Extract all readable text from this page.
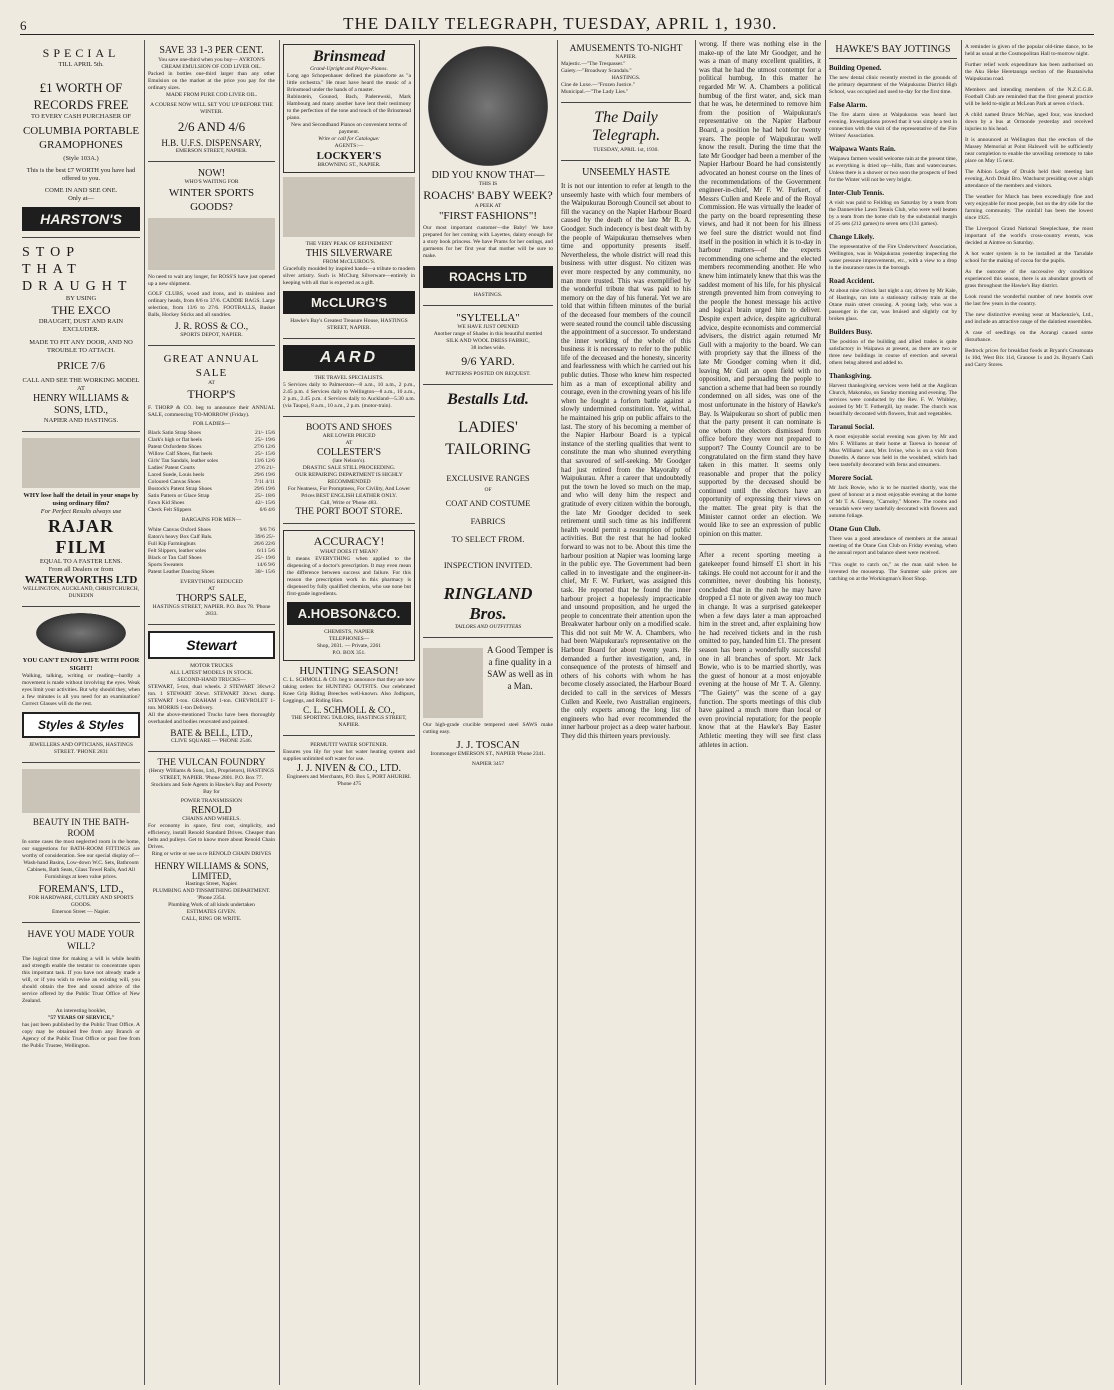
6	THE DAILY TELEGRAPH, TUESDAY, APRIL 1, 1930.
SPECIAL
TILL APRIL 5th.
£1 WORTH OF RECORDS FREE
TO EVERY CASH PURCHASER OF
COLUMBIA PORTABLE GRAMOPHONES
(Style 103A.)
This is the best £7 WORTH you have had offered to you.
COME IN AND SEE ONE.
Only at—
HARSTON'S
STOP THAT DRAUGHT
BY USING
THE EXCO
DRAUGHT, DUST AND RAIN EXCLUDER.
MADE TO FIT ANY DOOR, AND NO TROUBLE TO ATTACH.
PRICE 7/6
CALL AND SEE THE WORKING MODEL
AT
HENRY WILLIAMS & SONS, LTD.,
NAPIER AND HASTINGS.
WHY lose half the detail in your snaps by using ordinary film?
For Perfect Results always use
RAJAR FILM
EQUAL TO A FASTER LENS.
From all Dealers or from
WATERWORTHS LTD
WELLINGTON, AUCKLAND, CHRISTCHURCH, DUNEDIN
YOU CAN'T ENJOY LIFE WITH POOR SIGHT!
Walking, talking, writing or reading—hardly a movement is made without involving the eyes. Weak eyes limit your activities. But why should they, when a few minutes is all you need for an examination? Correct Glasses will do the rest.
Styles & Styles
JEWELLERS AND OPTICIANS, HASTINGS STREET. 'PHONE 2831
BEAUTY IN THE BATH-ROOM
In some cases the most neglected room in the home, our suggestions for BATH-ROOM FITTINGS are worthy of consideration. See our special display of—
Wash-hand Basins, Low-down W.C. Sets, Bathroom Cabinets, Bath Seats, Glass Towel Rails, And All Furnishings at keen value prices.
FOREMAN'S, LTD.,
FOR HARDWARE, CUTLERY AND SPORTS GOODS.
Emerson Street — Napier.
HAVE YOU MADE YOUR WILL?
The logical time for making a will is while health and strength enable the testator to concentrate upon this important task. If you have not already made a will, or if you wish to revise an existing will, you should obtain the free and sound advice of the service offered by the Public Trust Office of New Zealand.
An interesting booklet,
"57 YEARS OF SERVICE,"
has just been published by the Public Trust Office. A copy may be obtained free from any Branch or Agency of the Public Trust Office or post free from the Public Trustee, Wellington.
SAVE 33 1-3 PER CENT.
You save one-third when you buy— AYRTON'S CREAM EMULSION OF COD LIVER OIL.
Packed in bottles one-third larger than any other Emulsion on the market at the price you pay for the ordinary sizes.
MADE FROM PURE COD LIVER OIL.
A COURSE NOW WILL SET YOU UP BEFORE THE WINTER.
2/6 AND 4/6
H.B. U.F.S. DISPENSARY,
EMERSON STREET, NAPIER.
NOW!
WHO'S WAITING FOR
WINTER SPORTS GOODS?
No need to wait any longer, for ROSS'S have just opened up a new shipment.
GOLF CLUBS, wood and irons, and in stainless and ordinary heads, from 8/6 to 37/6. CADDIE BAGS. Large selection, from 13/6 to 27/6. FOOTBALLS, Basket Balls, Hockey Sticks and all sundries.
J. R. ROSS & CO.,
SPORTS DEPOT, NAPIER.
GREAT ANNUAL SALE
AT
THORP'S
F. THORP & CO. beg to announce their ANNUAL SALE, commencing TO-MORROW (Friday).
FOR LADIES—
Black Satin Strap Shoes	21/- 15/6
Clark's high or flat heels	25/- 19/6
Patent Oxfordette Shoes	27/6 12/6
Willow Calf Shoes, flat heels	25/- 15/6
Girls' Tan Sandals, leather soles	13/6 12/6
Ladies' Patent Courts	27/6 21/-
Laced Suede, Louis heels	29/6 19/6
Coloured Canvas Shoes	7/11 4/11
Bostock's Patent Strap Shoes	29/6 19/6
Satin Pattern or Glace Strap	25/- 18/6
Fawn Kid Shoes	42/- 15/6
Check Felt Slippers	6/6 4/6
BARGAINS FOR MEN—
White Canvas Oxford Shoes	9/6 7/6
Eaton's heavy Box Calf Bals.	39/6 25/-
Full Kip Farmingbuts	26/6 22/6
Felt Slippers, leather soles	6/11 5/6
Black or Tan Calf Shoes	25/- 19/6
Sports Sweaters	14/6 9/6
Patent Leather Dancing Shoes	30/- 15/6
EVERYTHING REDUCED
AT
THORP'S SALE,
HASTINGS STREET, NAPIER. P.O. Box 78. 'Phone 2833.
Stewart
MOTOR TRUCKS
ALL LATEST MODELS IN STOCK.
SECOND-HAND TRUCKS—
STEWART, 5-ton, dual wheels. 2 STEWART 30cwt-2 ton. 1 STEWART 30cwt. STEWART 30cwt. dump. STEWART 1-ton. GRAHAM 1-ton. CHEVROLET 1-ton. MORRIS 1-ton Delivery.
All the above-mentioned Trucks have been thoroughly overhauled and bodies renovated and painted.
BATE & BELL, LTD.,
CLIVE SQUARE — 'PHONE 2546.
THE VULCAN FOUNDRY
(Henry Williams & Sons, Ltd., Proprietors), HASTINGS STREET, NAPIER. 'Phone 2801. P.O. Box 77.
Stockists and Sole Agents in Hawke's Bay and Poverty Bay for
POWER TRANSMISSION
RENOLD
CHAINS AND WHEELS.
For economy in space, first cost, simplicity, and efficiency, install Renold Standard Drives. Cheaper than belts and pulleys. Get to know more about Renold Chain Drives.
Ring or write or see us re RENOLD CHAIN DRIVES
HENRY WILLIAMS & SONS, LIMITED,
Hastings Street, Napier.
PLUMBING AND TINSMITHING DEPARTMENT.
'Phone 2354.
Plumbing Work of all kinds undertaken
ESTIMATES GIVEN.
CALL, RING OR WRITE.
Brinsmead
Grand-Upright and Player-Pianos.
Long ago Schopenhauer defined the pianoforte as "a little orchestra." He must have heard the music of a Brinsmead under the hands of a master.
Rubinstein, Gounod, Bach, Paderewski, Mark Hambourg and many another have lent their testimony to the perfection of the tone and touch of the Brinsmead piano.
New and Secondhand Pianos on convenient terms of payment.
Write or call for Catalogue:
AGENTS:—
LOCKYER'S
BROWNING ST., NAPIER.
THE VERY PEAK OF REFINEMENT
THIS SILVERWARE
FROM McCLUROG'S.
Gracefully moulded by inspired hands—a tribute to modern silver artistry. Such is McClurg Silverware—entirely in keeping with all that is expected as a gift.
McCLURG'S
Hawke's Bay's Greatest Treasure House, HASTINGS STREET, NAPIER.
AARD
THE TRAVEL SPECIALISTS.
5 Services daily to Palmerston—8 a.m., 10 a.m., 2 p.m., 2.45 p.m. 4 Services daily to Wellington—8 a.m., 10 a.m., 2 p.m., 2.45 p.m. 4 Services daily to Auckland—5.30 a.m. (via Taupo), 8 a.m., 10 a.m., 2 p.m. (motor-train).
BOOTS AND SHOES
ARE LOWER PRICED
AT
COLLESTER'S
(late Nelson's).
DRASTIC SALE STILL PROCEEDING.
OUR REPAIRING DEPARTMENT IS HIGHLY RECOMMENDED
For Neatness, For Promptness, For Civility, And Lower Prices BEST ENGLISH LEATHER ONLY.
Call, Write or 'Phone 483.
THE PORT BOOT STORE.
ACCURACY!
WHAT DOES IT MEAN?
It means EVERYTHING when applied to the dispensing of a doctor's prescription. It may even mean the difference between success and failure. For this reason the prescription work in this pharmacy is dispensed by fully qualified chemists, who use none but first-grade ingredients.
A.HOBSON&CO.
CHEMISTS, NAPIER
TELEPHONES—
Shop, 2031. — Private, 2261
P.O. BOX 351.
HUNTING SEASON!
C. L. SCHMOLL & CO. beg to announce that they are now taking orders for HUNTING OUTFITS. Our celebrated Knee Grip Riding Breeches well-known. Also Jodhpurs, Leggings, and Riding Hats.
C. L. SCHMOLL & CO.,
THE SPORTING TAILORS, HASTINGS STREET, NAPIER.
PERMUTIT WATER SOFTENER.
Ensures you lily for your hot water heating system and supplies unlimited soft water for use.
J. J. NIVEN & CO., LTD.
Engineers and Merchants, P.O. Box 5, PORT AHURIRI. 'Phone 475
DID YOU KNOW THAT—
THIS IS
ROACHS' BABY WEEK?
A PEEK AT
"FIRST FASHIONS"!
Our most important customer—the Baby! We have prepared for her coming with Layettes, dainty enough for a story book princess. We have Prams for her outings, and garments for her first year that mother will be sure to make.
ROACHS LTD
HASTINGS.
"SYLTELLA"
WE HAVE JUST OPENED
Another range of Shades in this beautiful mottled
SILK AND WOOL DRESS FABRIC,
38 inches wide.
9/6 YARD.
PATTERNS POSTED ON REQUEST.
Bestalls Ltd.
LADIES'
TAILORING
EXCLUSIVE RANGES
OF
COAT AND COSTUME
FABRICS
TO SELECT FROM.
INSPECTION INVITED.
RINGLAND Bros.
TAILORS AND OUTFITTERS
A Good Temper is a fine quality in a SAW as well as in a Man.
Our high-grade crucible tempered steel SAWS make cutting easy.
J. J. TOSCAN
Ironmonger EMERSON ST., NAPIER 'Phone 2341.
NAPIER 3457
AMUSEMENTS TO-NIGHT
NAPIER.
Majestic.—"The Trespasser."
Gaiety.—"Broadway Scandals."
HASTINGS.
Cine de Luxe.—"Frozen Justice."
Municipal.—"The Lady Lies."
The Daily Telegraph.
TUESDAY, APRIL 1st, 1930.
UNSEEMLY HASTE
It is not our intention to refer at length to the unseemly haste with which four members of the Waipukurau Borough Council set about to fill the vacancy on the Napier Harbour Board caused by the death of the late Mr R. A. Goodger. Such indecency is best dealt with by the people of Waipukurau themselves when time and opportunity presents itself. Nevertheless, the whole district will read this business with utter disgust. No citizen was ever more respected by any community, no man more trusted. This was exemplified by the wonderful tribute that was paid to his memory on the day of his funeral. Yet we are told that within fifteen minutes of the burial of the deceased four members of the council were seated round the council table discussing the appointment of a successor. To understand the inner working of the whole of this business it is necessary to refer to the public life of the deceased and the honesty, sincerity and fearlessness with which he carried out his public duties. Those who knew him respected him as a man of exceptional ability and courage, even in the crowning years of his life when he fought a forlorn battle against a slowly undermined constitution. Yet, withal, he maintained his grip on public affairs to the last. The story of his becoming a member of the Napier Harbour Board is a typical instance of the sterling qualities that went to constitute the man who shunned everything that savoured of self-seeking. Mr Goodger had just retired from the Mayoralty of Waipukurau. After a career that undoubtedly put the town he loved so much on the map, and who will deny him the respect and gratitude of every citizen within the borough, the late Mr Goodger decided to seek retirement until such time as his indifferent health would permit a resumption of public activities. But the rest that he had looked forward to was not to be. About this time the harbour position at Napier was looming large in the public eye. The Government had been called in to investigate and the engineer-in-chief, Mr F. W. Furkert, was assigned this task. He reported that he found the inner harbour project a hopelessly impracticable and unsound proposition, and he urged the people to concentrate their attention upon the Breakwater harbour only on a modified scale. This did not suit Mr W. A. Chambers, who had been Waipukurau's representative on the Harbour Board for about twenty years. He demanded a further investigation, and, in consequence of the protests of himself and others of his cohorts with whom he has become closely associated, the Harbour Board decided to call in the services of Messrs Cullen and Keele, two Australian engineers, the only experts among the long list of engineers who had ever recommended the inner harbour project as a deep water harbour. They did this thirteen years previously.
wrong. If there was nothing else in the make-up of the late Mr Goodger, and he was a man of many excellent qualities, it was that he had the utmost contempt for a political humbug. In this matter he regarded Mr W. A. Chambers a political humbug of the first water, and, sick man that he was, he determined to remove him from the position of Waipukurau's representative on the Napier Harbour Board, a position he had held for twenty years. The people of Waipukurau well know the result. During the time that the late Mr Goodger had been a member of the Napier Harbour Board he had consistently advocated an honest course on the lines of the recommendations of the Government engineer-in-chief, Mr F. W. Furkert, of Messrs Cullen and Keele and of the Royal Commission. He was virtually the leader of the party on the board representing these views, and had it not been for his illness we feel sure the district would not find itself in the position in which it is to-day in harbour matters—of the experts recommending one scheme and the elected members recommending another. He who knew him intimately knew that this was the saddest moment of his life, for his physical strength prevented him from conveying to the people the honest message his active and logical brain urged him to deliver. Despite expert advice, despite agricultural advice, despite economists and commercial advisers, the district again returned Mr Gull with a majority to the board. We can with propriety say that the illness of the late Mr Goodger coming when it did, leaving Mr Gull an open field with no opposition, and persuading the people to sanction a scheme that had been so roundly condemned on all sides, was one of the most unfortunate in the history of Hawke's Bay. Is Waipukurau so short of public men that the party present it can nominate is one whom the electors dismissed from office before they were not prepared to support? The County Council are to be congratulated on the firm stand they have taken in this matter. It seems only reasonable and proper that the policy supported by the deceased should be continued until the electors have an opportunity of expressing their views on the matter. The great pity is that the Minister cannot order an election. We would like to see an expression of public opinion on this matter.
After a recent sporting meeting a gatekeeper found himself £1 short in his takings. He could not account for it and the committee, never doubting his honesty, concluded that in the rush he may have dropped a £1 note or given away too much in change. It was a surprised gatekeeper when a few days later a man approached him in the street and, after explaining how he had received tickets and in the rush omitted to pay, handed him £1. The present season has been a wonderfully successful one in all branches of sport. Mr Jack Bowie, who is to be married shortly, was the guest of honour at a most enjoyable evening at the house of Mr T. A. Glenny. "The Gaiety" was the scene of a gay function. The sports meetings of this club have gained a much more than local or even provincial reputation; for the people know that at the Hawke's Bay Easter Athletic meeting they will see first class athletes in action.
HAWKE'S BAY JOTTINGS
Building Opened.
The new dental clinic recently erected in the grounds of the primary department of the Waipukurau District High School, was occupied and used to-day for the first time.
False Alarm.
The fire alarm siren at Waipukurau was heard last evening. Investigations proved that it was simply a test in connection with the visit of the representative of the Fire Writers' Association.
Waipawa Wants Rain.
Waipawa farmers would welcome rain at the present time, as everything is dried up—hills, flats and watercourses. Unless there is a shower or two soon the prospects of feed for the Winter will not be very bright.
Inter-Club Tennis.
A visit was paid to Feilding on Saturday by a team from the Dannevirke Lawn Tennis Club, who were well beaten by a team from the home club by the substantial margin of 25 sets (212 games) to seven sets (131 games).
Change Likely.
The representative of the Fire Underwriters' Association, Wellington, was in Waipukurau yesterday inspecting the water pressure improvements, etc., with a view to a drop in the insurance rates in the borough.
Road Accident.
At about nine o'clock last night a car, driven by Mr Kale, of Hastings, ran into a stationary railway train at the Otane main street crossing. A young lady, who was a passenger in the car, was bruised and slightly cut by broken glass.
Builders Busy.
The position of the building and allied trades is quite satisfactory in Waipawa at present, as there are two or three new buildings in course of erection and several others being altered and added to.
Thanksgiving.
Harvest thanksgiving services were held at the Anglican Church, Makotuku, on Sunday morning and evening. The services were conducted by the Rev. F. W. Whibley, assisted by Mr T. Fothergill, lay reader. The church was beautifully decorated with flowers, fruit and vegetables.
Taranui Social.
A most enjoyable social evening was given by Mr and Mrs F. Williams at their home at Tarewa in honour of Miss Williams' aunt, Mrs Irvine, who is on a visit from Dunedin. A dance was held in the woolshed, which had been tastefully decorated with ferns and streamers.
Morere Social.
Mr Jack Bowie, who is to be married shortly, was the guest of honour at a most enjoyable evening at the home of Mr T. A. Glenny, "Carnoby," Morere. The rooms and verandah were very tastefully decorated with flowers and autumn foliage.
Otane Gun Club.
There was a good attendance of members at the annual meeting of the Otane Gun Club on Friday evening, when the annual report and balance sheet were received.
"This ought to catch on," as the man said when he invented the mousetrap. The Summer sale prices are catching on at the Workingman's Boot Shop.
A reminder is given of the popular old-time dance, to be held as usual at the Cosmopolitan Hall to-morrow night.
Further relief work expenditure has been authorised on the Aku Heke Heretaunga section of the Ruataniwha Waipukurau road.
Members and intending members of the N.Z.C.G.B. Football Club are reminded that the first general practice will be held to-night at McLean Park at seven o'clock.
A child named Bruce McNae, aged four, was knocked down by a bus at Ormonde yesterday and received injuries to his head.
It is announced at Wellington that the erection of the Massey Memorial at Point Halswell will be sufficiently near completion to enable the unveiling ceremony to take place on May 15 next.
The Albion Lodge of Druids held their meeting last evening, Arch Druid Bro. Watchurst presiding over a high attendance of the members and visitors.
The weather for March has been exceedingly fine and very enjoyable for most people, but on the dry side for the farming community. The rainfall has been the lowest since 1925.
The Liverpool Grand National Steeplechase, the most important of the world's cross-country events, was decided at Aintree on Saturday.
A hot water system is to be installed at the Tarudale school for the making of cocoa for the pupils.
As the outcome of the successive dry conditions experienced this season, there is an abundant growth of grass throughout the Hawke's Bay district.
Look round the wonderful number of new hostels over the last few years in the country.
The new distinctive evening wear at Mackenzie's, Ltd., and include an attractive range of the daintiest ensembles.
A case of seedlings on the Aorangi caused some disturbance.
Bedrock prices for breakfast foods at Bryant's Creamoata 1s 10d, West Bix 11d, Granose 1s and 2s. Bryant's Cash and Carry Stores.
